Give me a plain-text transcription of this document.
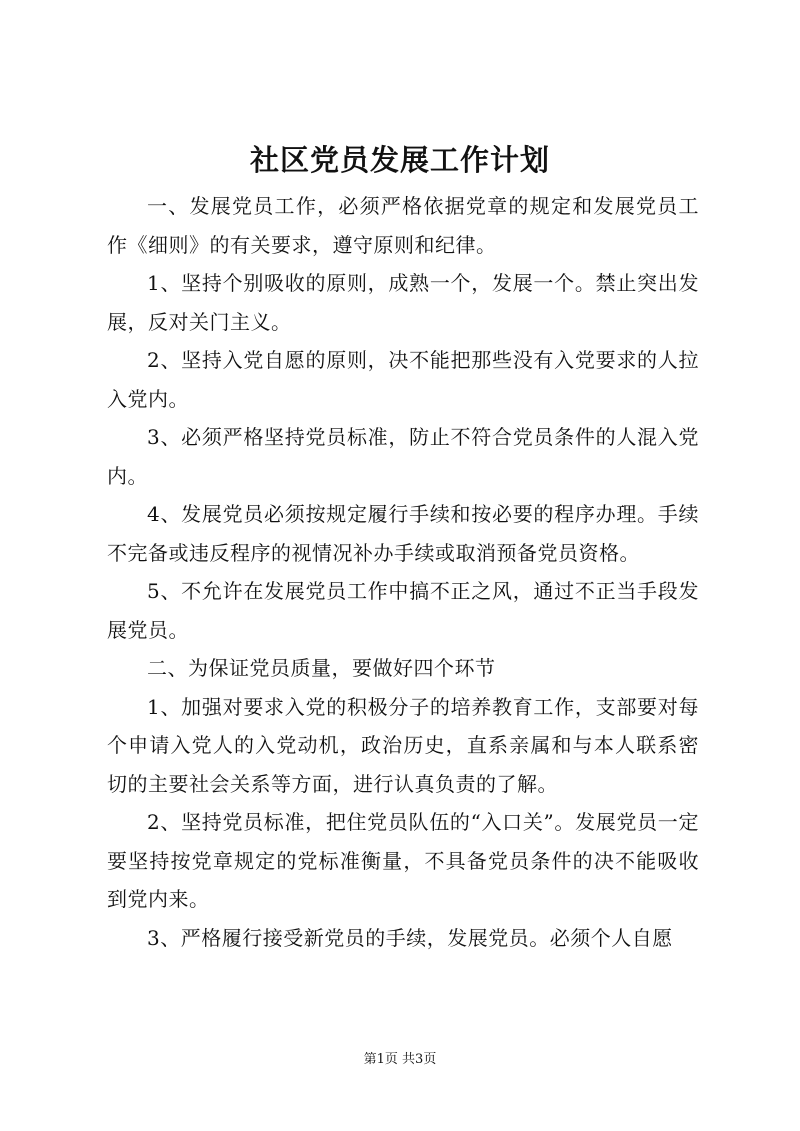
社区党员发展工作计划

一、发展党员工作，必须严格依据党章的规定和发展党员工作《细则》的有关要求，遵守原则和纪律。

1、坚持个别吸收的原则，成熟一个，发展一个。禁止突出发展，反对关门主义。

2、坚持入党自愿的原则，决不能把那些没有入党要求的人拉入党内。

3、必须严格坚持党员标准，防止不符合党员条件的人混入党内。

4、发展党员必须按规定履行手续和按必要的程序办理。手续不完备或违反程序的视情况补办手续或取消预备党员资格。

5、不允许在发展党员工作中搞不正之风，通过不正当手段发展党员。

二、为保证党员质量，要做好四个环节

1、加强对要求入党的积极分子的培养教育工作，支部要对每个申请入党人的入党动机，政治历史，直系亲属和与本人联系密切的主要社会关系等方面，进行认真负责的了解。

2、坚持党员标准，把住党员队伍的“入口关”。发展党员一定要坚持按党章规定的党标准衡量，不具备党员条件的决不能吸收到党内来。

3、严格履行接受新党员的手续，发展党员。必须个人自愿

第1页 共3页
